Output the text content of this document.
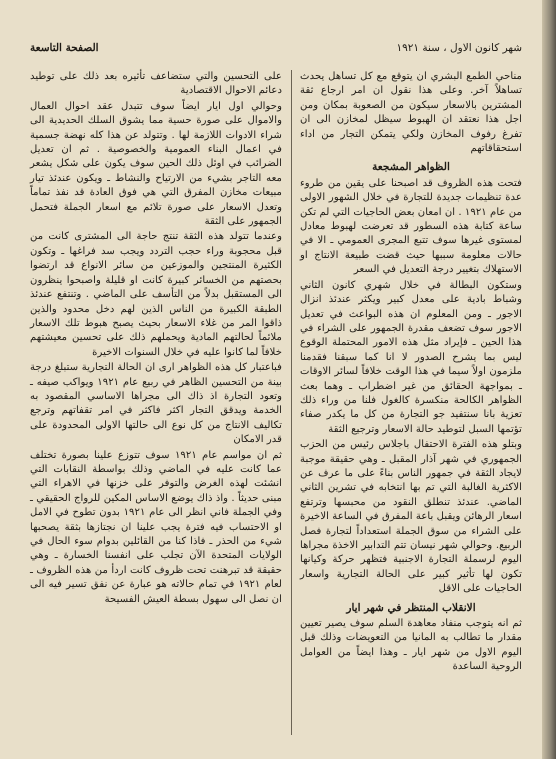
شهر كانون الاول ، سنة ١٩٢١
الصفحة التاسعة

مناحي الطمع البشري ان يتوقع مع كل تساهل يحدث تساهلاً آخر. وعلى هذا نقول ان امر ارجاع ثقة المشترين بالاسعار سيكون من الصعوبة بمكان ومن اجل هذا نعتقد ان الهبوط سيظل لمخازن الى ان تفرغ رفوف المخازن ولكي يتمكن التجار من اداء استحقاقاتهم

الظواهر المشجعة

فتحت هذه الظروف قد اصبحنا على يقين من طروء عدة تنظيمات جديدة للتجارة في خلال الشهور الاولى من عام ١٩٢١ . ان امعان بعض الحاجيات التي لم تكن ساعة كتابة هذه السطور قد تعرضت لهبوط معادل لمستوى غيرها سوف تتبع المجرى العمومي ـ الا في حالات معلومة سببها حيث قضت طبيعة الانتاج او الاستهلاك بتغيير درجة التعديل في السعر

وستكون البطالة في خلال شهري كانون الثاني وشباط بادية على معدل كبير ويكثر عندئذ انزال الاجور ـ ومن المعلوم ان هذه البواعث في تعديل الاجور سوف تضعف مقدرة الجمهور على الشراء في هذا الحين ـ فإيراد مثل هذه الامور المحتملة الوقوع ليس بما يشرح الصدور لا انا كما سبقنا فقدمنا ملزمون اولاً سيما في هذا الوقت خلافاً لسائر الاوقات ـ بمواجهة الحقائق من غير اضطراب ـ وهما بعث الظواهر الكالحة منكسرة كالغول فلنا من وراء ذلك تعزية بانا سنتفيد جو التجارة من كل ما يكدر صفاء تؤتمها السبل لتوطيد حالة الاسعار وترجيع الثقة

وبتلو هذه الفترة الاحتفال باجلاس رئيس من الحزب الجمهوري في شهر آذار المقبل ـ وهي حقيقة موجبة لايجاد الثقة في جمهور الناس بناءً على ما عرف عن الاكثرية الغالبة التي تم بها انتخابه في تشرين الثاني الماضي. عندئذ تنطلق النقود من محبسها وترتفع اسعار الرهائن ويقبل باعة المفرق في الساعة الاخيرة على الشراء من سوق الجملة استعداداً لتجارة فصل الربيع. وحوالي شهر نيسان تتم التدابير الاخذة مجراها اليوم لرسملة التجارة الاجنبية فتظهر حركة وكيانها تكون لها تأثير كبير على الحالة التجارية واسعار الحاجيات على الاقل

الانقلاب المنتظر في شهر ايار

ثم انه يتوجب منفاد معاهدة السلم سوف يصير تعيين مقدار ما تطالب به المانيا من التعويضات وذلك قبل اليوم الاول من شهر ايار ـ وهذا ايضاً من العوامل الروحية الساعدة

على التحسين والتي ستضاعف تأثيره بعد ذلك على توطيد دعائم الاحوال الاقتصادية

وحوالي اول ايار ايضاً سوف تتبدل عقد احوال العمال والاموال على صورة حسية مما يشوق السلك الحديدية الى شراء الادوات اللازمة لها . وتتولد عن هذا كله نهضة جسمية في اعمال البناء العمومية والخصوصية . ثم ان تعديل الضرائب في اوئل ذلك الحين سوف يكون على شكل يشعر معه التاجر بشيء من الارتياح والنشاط ـ ويكون عندئذ تيار مبيعات مخازن المفرق التي هي فوق العادة قد نفذ تماماً وتعدل الاسعار على صورة تلائم مع اسعار الجملة فتحمل الجمهور على الثقة

وعندما تتولد هذه الثقة تنتج حاجة الى المشترى كانت من قبل محجوبة وراء حجب التردد ويجب سد فراغها ـ وتكون الكثيرة المنتجين والموزعين من سائر الانواع قد ارتضوا بحصتهم من الخسائر كبيرة كانت او قليلة واصبحوا ينظرون الى المستقبل بدلاً من التأسف على الماضي . وتنتفع عندئذ الطبقة الكبيرة من الناس الذين لهم دخل محدود والذين ذاقوا المر من غلاء الاسعار بحيث يصبح هبوط تلك الاسعار ملائماً لحالتهم المادية ويحملهم ذلك على تحسين معيشتهم خلافاً لما كانوا عليه في خلال السنوات الاخيرة

فباعتبار كل هذه الظواهر ارى ان الحالة التجارية ستبلغ درجة بينة من التحسين الظاهر في ربيع عام ١٩٢١ ويواكب صيفه ـ وتعود التجارة اذ ذاك الى مجراها الاساسي المقصود به الخدمة ويدقق التجار اكثر فاكثر في امر تقفاتهم وترجع تكاليف الانتاج من كل نوع الى حالتها الاولى المحدودة على قدر الامكان

ثم ان مواسم عام ١٩٢١ سوف تتوزع علينا بصورة تختلف عما كانت عليه في الماضي وذلك بواسطة النقابات التي انشئت لهذه الغرض والتوفر على خزنها في الاهراء التي مبنى حديثاً . واذ ذاك يوضع الاساس المكين للرواج الحقيقي ـ وفي الجملة فاني انظر الى عام ١٩٢١ بدون تطوح في الامل او الاحتساب فيه فترة يجب علينا ان نجتازها بثقة يصحبها شيء من الحذر ـ فاذا كنا من القائلين بدوام سوء الحال في الولايات المتحدة الآن تجلب على انفسنا الخسارة ـ وهي حقيقة قد تبرهنت تحت ظروف كانت اردأ من هذه الظروف ـ لعام ١٩٢١ في تمام حالاته هو عبارة عن نفق تسير فيه الى ان نصل الى سهول بسطة العيش الفسيحة
